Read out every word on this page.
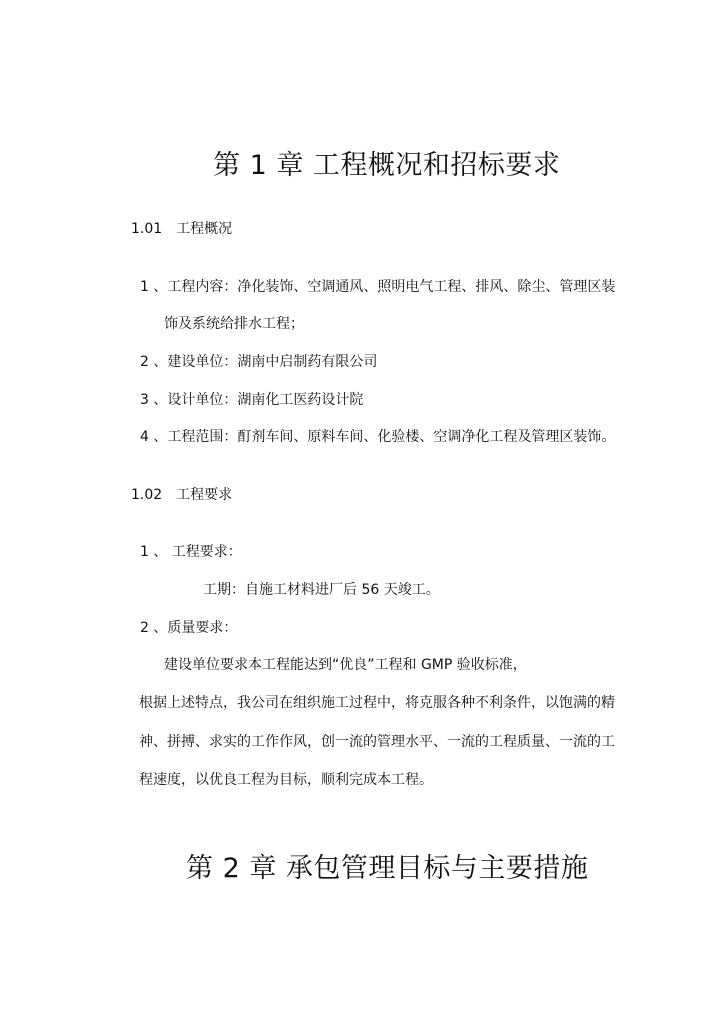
第 1 章 工程概况和招标要求
1.01 工程概况
1 、工程内容：净化装饰、空调通风、照明电气工程、排风、除尘、管理区装
饰及系统给排水工程；
2 、建设单位：湖南中启制药有限公司
3 、设计单位：湖南化工医药设计院
4 、工程范围：酊剂车间、原料车间、化验楼、空调净化工程及管理区装饰。
1.02 工程要求
1 、 工程要求：
工期：自施工材料进厂后 56 天竣工。
2 、质量要求：
建设单位要求本工程能达到“优良”工程和 GMP 验收标准，
根据上述特点，我公司在组织施工过程中，将克服各种不利条件，以饱满的精
神、拼搏、求实的工作作风，创一流的管理水平、一流的工程质量、一流的工
程速度，以优良工程为目标，顺利完成本工程。
第 2 章 承包管理目标与主要措施
